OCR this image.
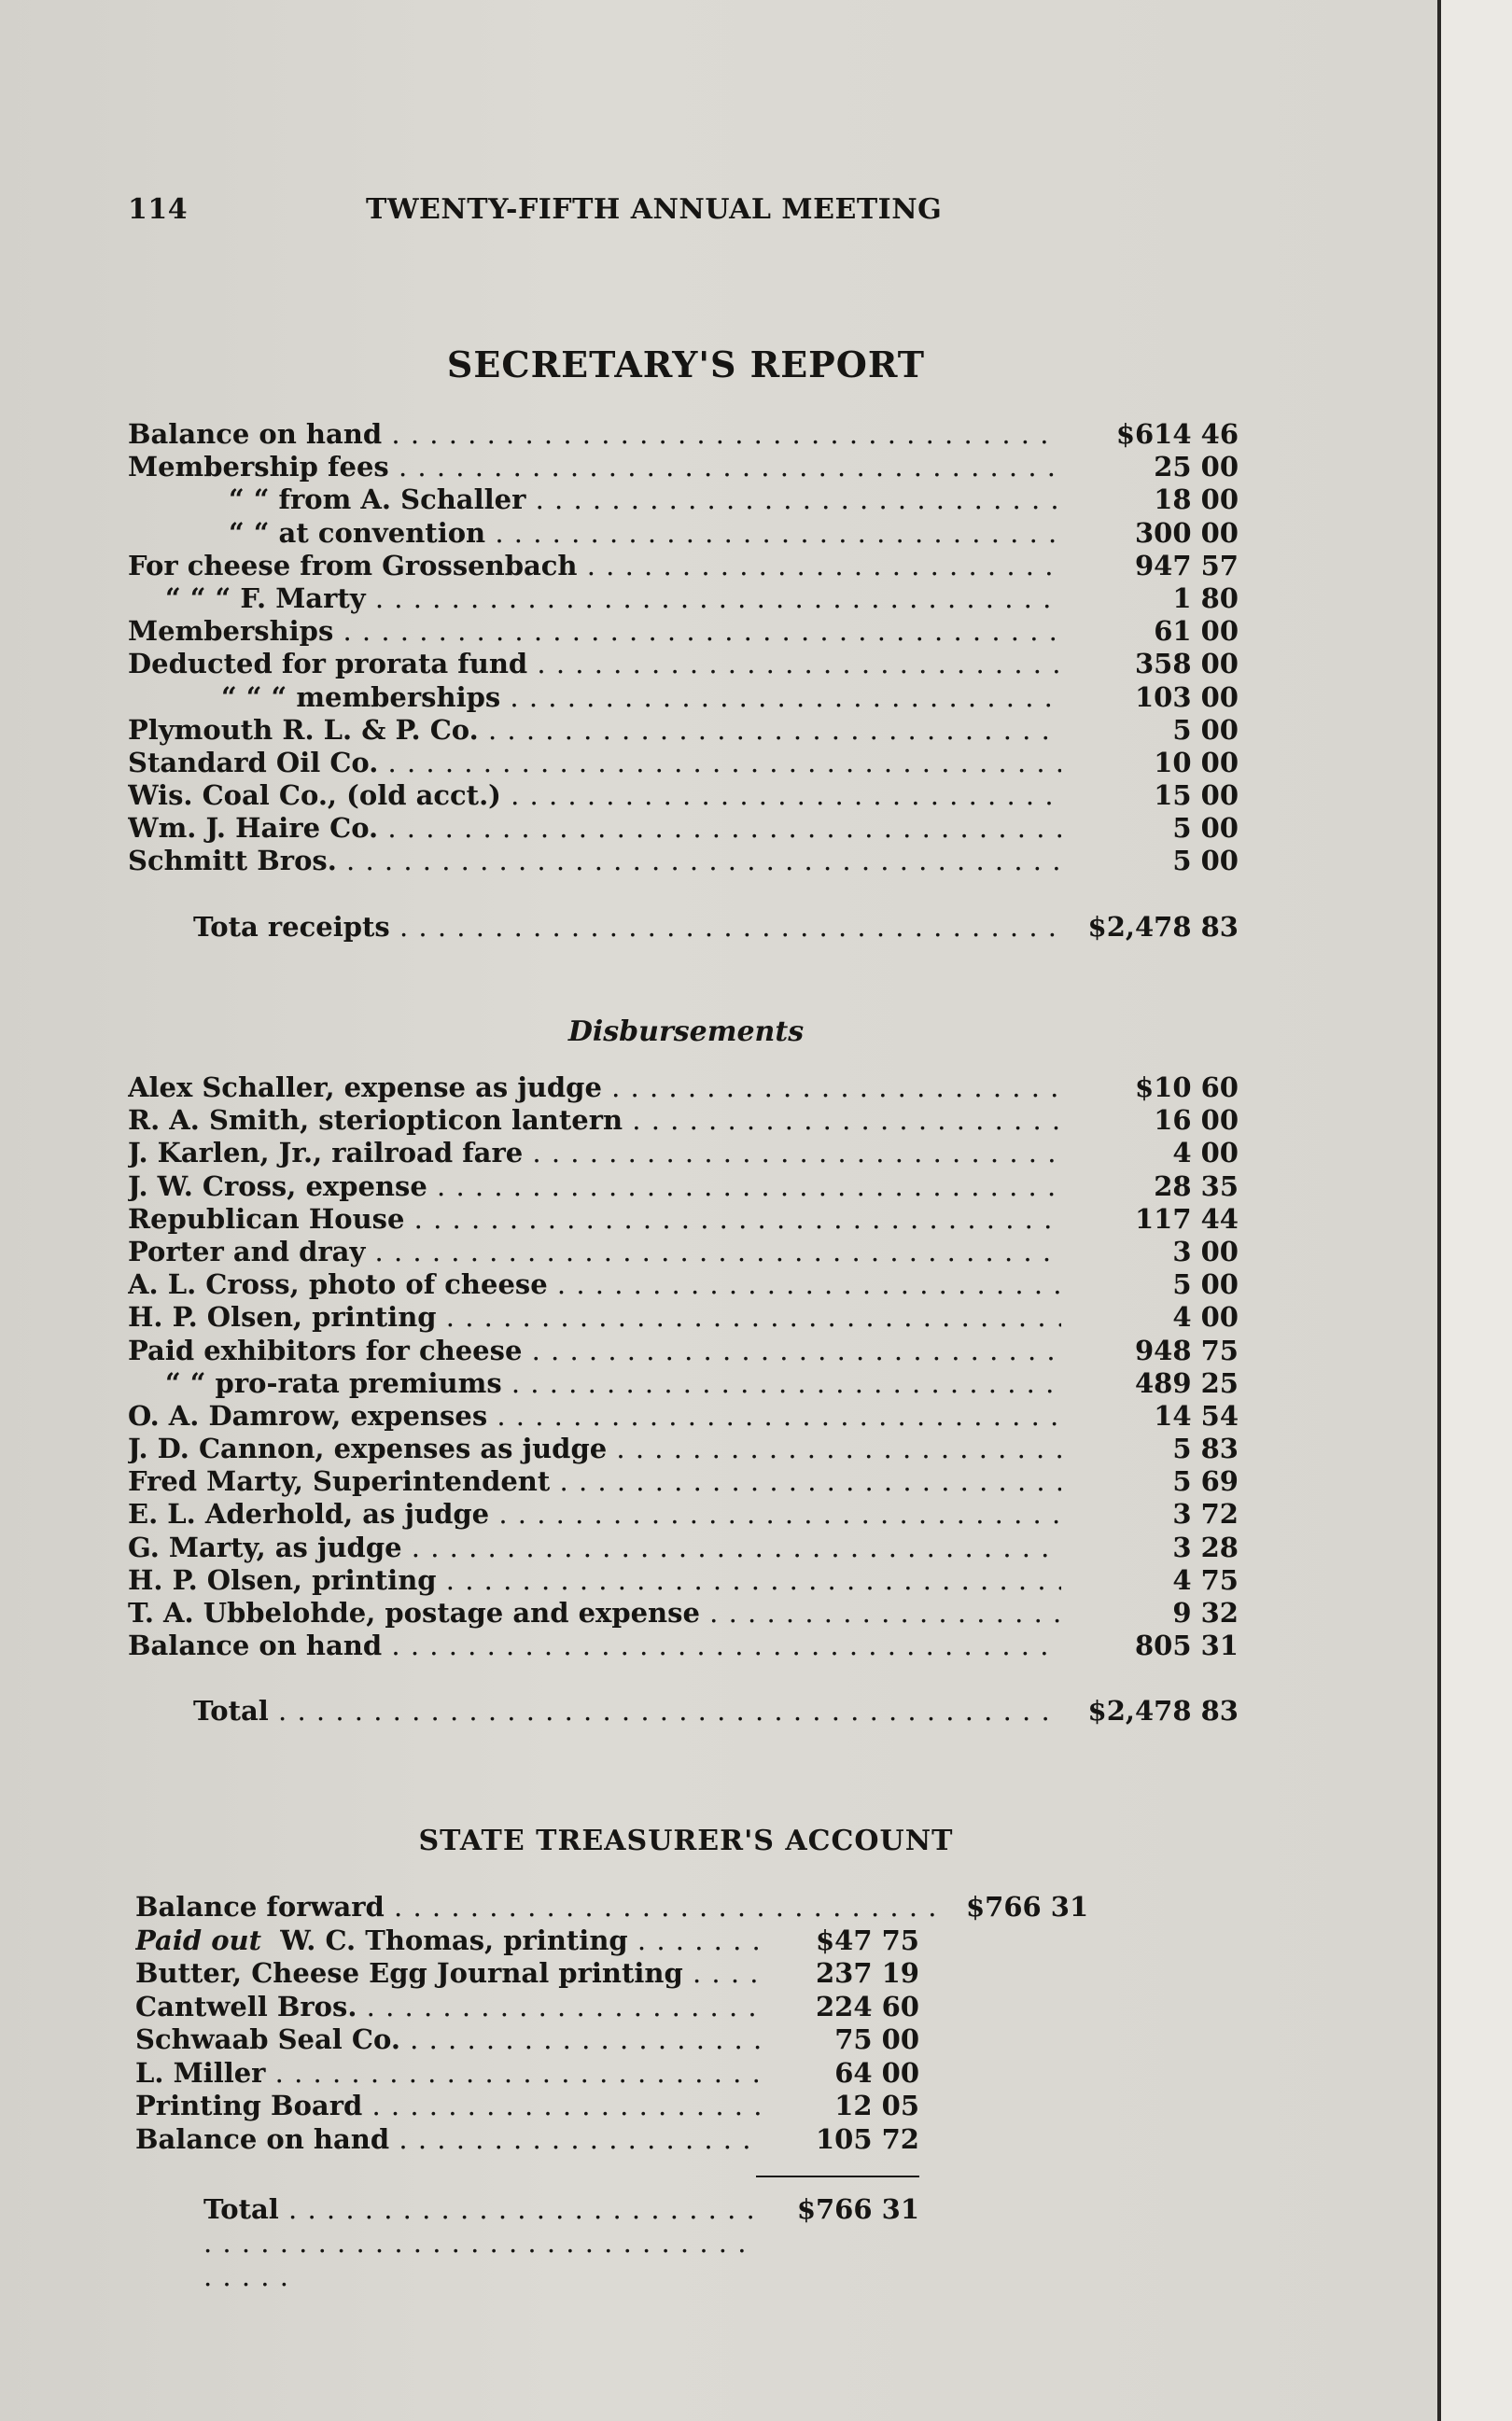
114	TWENTY-FIFTH ANNUAL MEETING
SECRETARY'S REPORT
Balance on hand . . .	$614 46
Membership fees . . .	25 00
“ “ from A. Schaller . . .	18 00
“ “ at convention . . .	300 00
For cheese from Grossenbach . . .	947 57
“ “ “ F. Marty . . .	1 80
Memberships . . .	61 00
Deducted for prorata fund . . .	358 00
“ “ “ memberships . . .	103 00
Plymouth R. L. & P. Co. . . .	5 00
Standard Oil Co. . . .	10 00
Wis. Coal Co., (old acct.) . . .	15 00
Wm. J. Haire Co. . . .	5 00
Schmitt Bros. . . .	5 00
Tota receipts . . .	$2,478 83
Disbursements
Alex Schaller, expense as judge . . .	$10 60
R. A. Smith, steriopticon lantern . . .	16 00
J. Karlen, Jr., railroad fare . . .	4 00
J. W. Cross, expense . . .	28 35
Republican House . . .	117 44
Porter and dray . . .	3 00
A. L. Cross, photo of cheese . . .	5 00
H. P. Olsen, printing . . .	4 00
Paid exhibitors for cheese . . .	948 75
“ “ pro-rata premiums . . .	489 25
O. A. Damrow, expenses . . .	14 54
J. D. Cannon, expenses as judge . . .	5 83
Fred Marty, Superintendent . . .	5 69
E. L. Aderhold, as judge . . .	3 72
G. Marty, as judge . . .	3 28
H. P. Olsen, printing . . .	4 75
T. A. Ubbelohde, postage and expense . . .	9 32
Balance on hand . . .	805 31
Total . . .	$2,478 83
STATE TREASURER'S ACCOUNT
Balance forward . . .	$766 31
Paid out W. C. Thomas, printing . . .	$47 75
Butter, Cheese Egg Journal printing . . .	237 19
Cantwell Bros. . . .	224 60
Schwaab Seal Co. . . .	75 00
L. Miller . . .	64 00
Printing Board . . .	12 05
Balance on hand . . .	105 72
Total . . .	$766 31
